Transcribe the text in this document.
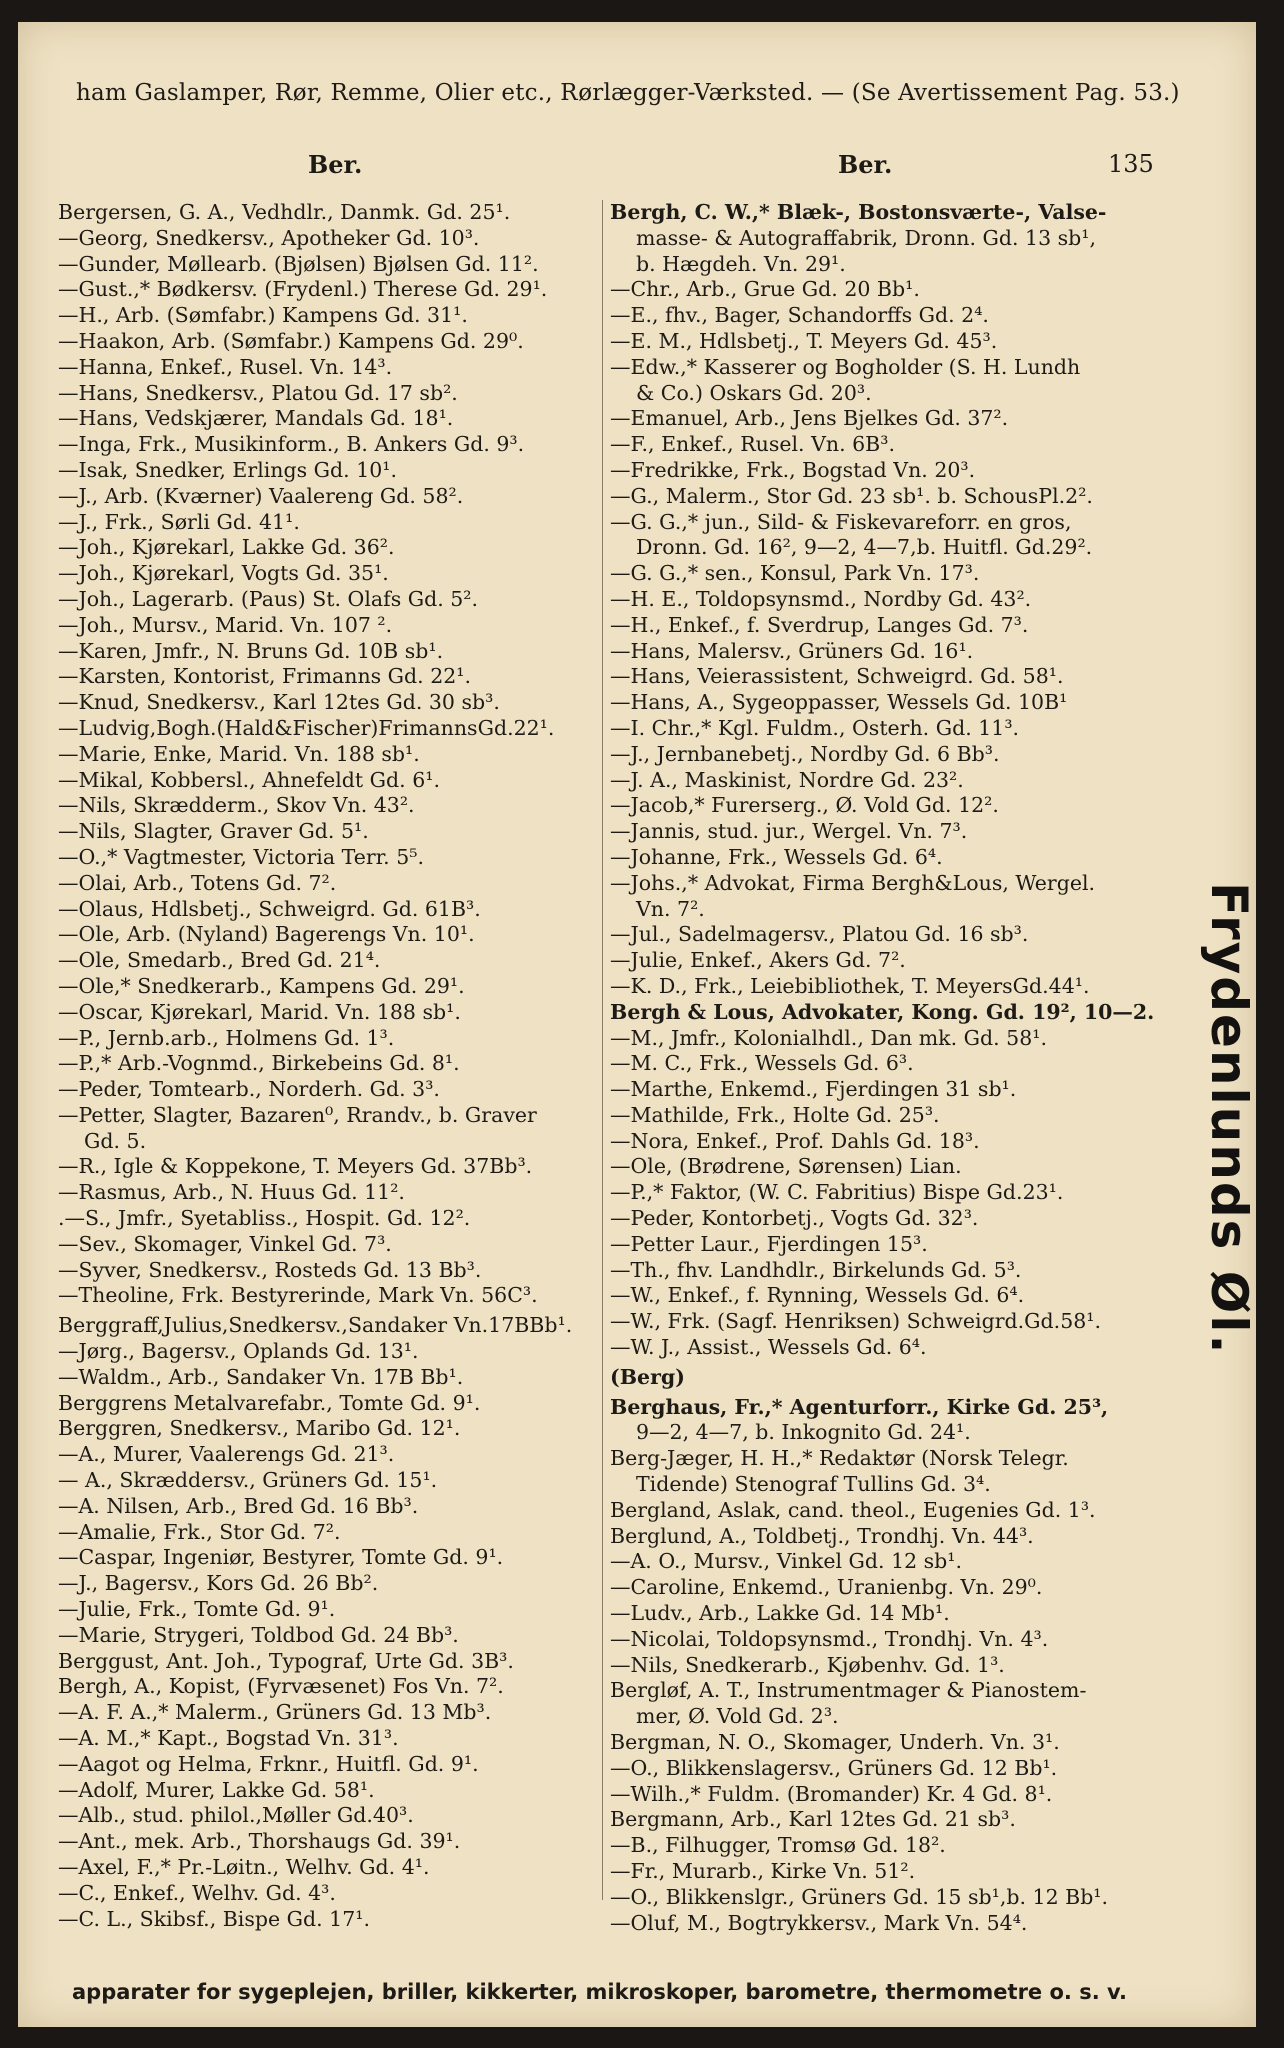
ham Gaslamper, Rør, Remme, Olier etc., Rørlægger-Værksted. — (Se Avertissement Pag. 53.)
Ber.	Ber.	135
Bergersen, G. A., Vedhdlr., Danmk. Gd. 25¹.
—Georg, Snedkersv., Apotheker Gd. 10³.
—Gunder, Møllearb. (Bjølsen) Bjølsen Gd. 11².
—Gust.,* Bødkersv. (Frydenl.) Therese Gd. 29¹.
—H., Arb. (Sømfabr.) Kampens Gd. 31¹.
—Haakon, Arb. (Sømfabr.) Kampens Gd. 29⁰.
—Hanna, Enkef., Rusel. Vn. 14³.
—Hans, Snedkersv., Platou Gd. 17 sb².
—Hans, Vedskjærer, Mandals Gd. 18¹.
—Inga, Frk., Musikinform., B. Ankers Gd. 9³.
—Isak, Snedker, Erlings Gd. 10¹.
—J., Arb. (Kværner) Vaalereng Gd. 58².
—J., Frk., Sørli Gd. 41¹.
—Joh., Kjørekarl, Lakke Gd. 36².
—Joh., Kjørekarl, Vogts Gd. 35¹.
—Joh., Lagerarb. (Paus) St. Olafs Gd. 5².
—Joh., Mursv., Marid. Vn. 107 ².
—Karen, Jmfr., N. Bruns Gd. 10B sb¹.
—Karsten, Kontorist, Frimanns Gd. 22¹.
—Knud, Snedkersv., Karl 12tes Gd. 30 sb³.
—Ludvig,Bogh.(Hald&Fischer)FrimannsGd.22¹.
—Marie, Enke, Marid. Vn. 188 sb¹.
—Mikal, Kobbersl., Ahnefeldt Gd. 6¹.
—Nils, Skrædderm., Skov Vn. 43².
—Nils, Slagter, Graver Gd. 5¹.
—O.,* Vagtmester, Victoria Terr. 5⁵.
—Olai, Arb., Totens Gd. 7².
—Olaus, Hdlsbetj., Schweigrd. Gd. 61B³.
—Ole, Arb. (Nyland) Bagerengs Vn. 10¹.
—Ole, Smedarb., Bred Gd. 21⁴.
—Ole,* Snedkerarb., Kampens Gd. 29¹.
—Oscar, Kjørekarl, Marid. Vn. 188 sb¹.
—P., Jernb.arb., Holmens Gd. 1³.
—P.,* Arb.-Vognmd., Birkebeins Gd. 8¹.
—Peder, Tomtearb., Norderh. Gd. 3³.
—Petter, Slagter, Bazaren⁰, Rrandv., b. Graver
Gd. 5.
—R., Igle & Koppekone, T. Meyers Gd. 37Bb³.
—Rasmus, Arb., N. Huus Gd. 11².
.—S., Jmfr., Syetabliss., Hospit. Gd. 12².
—Sev., Skomager, Vinkel Gd. 7³.
—Syver, Snedkersv., Rosteds Gd. 13 Bb³.
—Theoline, Frk. Bestyrerinde, Mark Vn. 56C³.
Berggraff,Julius,Snedkersv.,Sandaker Vn.17BBb¹.
—Jørg., Bagersv., Oplands Gd. 13¹.
—Waldm., Arb., Sandaker Vn. 17B Bb¹.
Berggrens Metalvarefabr., Tomte Gd. 9¹.
Berggren, Snedkersv., Maribo Gd. 12¹.
—A., Murer, Vaalerengs Gd. 21³.
— A., Skræddersv., Grüners Gd. 15¹.
—A. Nilsen, Arb., Bred Gd. 16 Bb³.
—Amalie, Frk., Stor Gd. 7².
—Caspar, Ingeniør, Bestyrer, Tomte Gd. 9¹.
—J., Bagersv., Kors Gd. 26 Bb².
—Julie, Frk., Tomte Gd. 9¹.
—Marie, Strygeri, Toldbod Gd. 24 Bb³.
Berggust, Ant. Joh., Typograf, Urte Gd. 3B³.
Bergh, A., Kopist, (Fyrvæsenet) Fos Vn. 7².
—A. F. A.,* Malerm., Grüners Gd. 13 Mb³.
—A. M.,* Kapt., Bogstad Vn. 31³.
—Aagot og Helma, Frknr., Huitfl. Gd. 9¹.
—Adolf, Murer, Lakke Gd. 58¹.
—Alb., stud. philol.,Møller Gd.40³.
—Ant., mek. Arb., Thorshaugs Gd. 39¹.
—Axel, F.,* Pr.-Løitn., Welhv. Gd. 4¹.
—C., Enkef., Welhv. Gd. 4³.
—C. L., Skibsf., Bispe Gd. 17¹.
Bergh, C. W.,* Blæk-, Bostonsværte-, Valse-
masse- & Autograffabrik, Dronn. Gd. 13 sb¹,
b. Hægdeh. Vn. 29¹.
—Chr., Arb., Grue Gd. 20 Bb¹.
—E., fhv., Bager, Schandorffs Gd. 2⁴.
—E. M., Hdlsbetj., T. Meyers Gd. 45³.
—Edw.,* Kasserer og Bogholder (S. H. Lundh
& Co.) Oskars Gd. 20³.
—Emanuel, Arb., Jens Bjelkes Gd. 37².
—F., Enkef., Rusel. Vn. 6B³.
—Fredrikke, Frk., Bogstad Vn. 20³.
—G., Malerm., Stor Gd. 23 sb¹. b. SchousPl.2².
—G. G.,* jun., Sild- & Fiskevareforr. en gros,
Dronn. Gd. 16², 9—2, 4—7,b. Huitfl. Gd.29².
—G. G.,* sen., Konsul, Park Vn. 17³.
—H. E., Toldopsynsmd., Nordby Gd. 43².
—H., Enkef., f. Sverdrup, Langes Gd. 7³.
—Hans, Malersv., Grüners Gd. 16¹.
—Hans, Veierassistent, Schweigrd. Gd. 58¹.
—Hans, A., Sygeoppasser, Wessels Gd. 10B¹
—I. Chr.,* Kgl. Fuldm., Osterh. Gd. 11³.
—J., Jernbanebetj., Nordby Gd. 6 Bb³.
—J. A., Maskinist, Nordre Gd. 23².
—Jacob,* Furerserg., Ø. Vold Gd. 12².
—Jannis, stud. jur., Wergel. Vn. 7³.
—Johanne, Frk., Wessels Gd. 6⁴.
—Johs.,* Advokat, Firma Bergh&Lous, Wergel.
Vn. 7².
—Jul., Sadelmagersv., Platou Gd. 16 sb³.
—Julie, Enkef., Akers Gd. 7².
—K. D., Frk., Leiebibliothek, T. MeyersGd.44¹.
Bergh & Lous, Advokater, Kong. Gd. 19², 10—2.
—M., Jmfr., Kolonialhdl., Dan mk. Gd. 58¹.
—M. C., Frk., Wessels Gd. 6³.
—Marthe, Enkemd., Fjerdingen 31 sb¹.
—Mathilde, Frk., Holte Gd. 25³.
—Nora, Enkef., Prof. Dahls Gd. 18³.
—Ole, (Brødrene, Sørensen) Lian.
—P.,* Faktor, (W. C. Fabritius) Bispe Gd.23¹.
—Peder, Kontorbetj., Vogts Gd. 32³.
—Petter Laur., Fjerdingen 15³.
—Th., fhv. Landhdlr., Birkelunds Gd. 5³.
—W., Enkef., f. Rynning, Wessels Gd. 6⁴.
—W., Frk. (Sagf. Henriksen) Schweigrd.Gd.58¹.
—W. J., Assist., Wessels Gd. 6⁴.
(Berg)
Berghaus, Fr.,* Agenturforr., Kirke Gd. 25³,
9—2, 4—7, b. Inkognito Gd. 24¹.
Berg-Jæger, H. H.,* Redaktør (Norsk Telegr.
Tidende) Stenograf Tullins Gd. 3⁴.
Bergland, Aslak, cand. theol., Eugenies Gd. 1³.
Berglund, A., Toldbetj., Trondhj. Vn. 44³.
—A. O., Mursv., Vinkel Gd. 12 sb¹.
—Caroline, Enkemd., Uranienbg. Vn. 29⁰.
—Ludv., Arb., Lakke Gd. 14 Mb¹.
—Nicolai, Toldopsynsmd., Trondhj. Vn. 4³.
—Nils, Snedkerarb., Kjøbenhv. Gd. 1³.
Bergløf, A. T., Instrumentmager & Pianostem-
mer, Ø. Vold Gd. 2³.
Bergman, N. O., Skomager, Underh. Vn. 3¹.
—O., Blikkenslagersv., Grüners Gd. 12 Bb¹.
—Wilh.,* Fuldm. (Bromander) Kr. 4 Gd. 8¹.
Bergmann, Arb., Karl 12tes Gd. 21 sb³.
—B., Filhugger, Tromsø Gd. 18².
—Fr., Murarb., Kirke Vn. 51².
—O., Blikkenslgr., Grüners Gd. 15 sb¹,b. 12 Bb¹.
—Oluf, M., Bogtrykkersv., Mark Vn. 54⁴.
Frydenlunds Øl.
apparater for sygeplejen, briller, kikkerter, mikroskoper, barometre, thermometre o. s. v.
